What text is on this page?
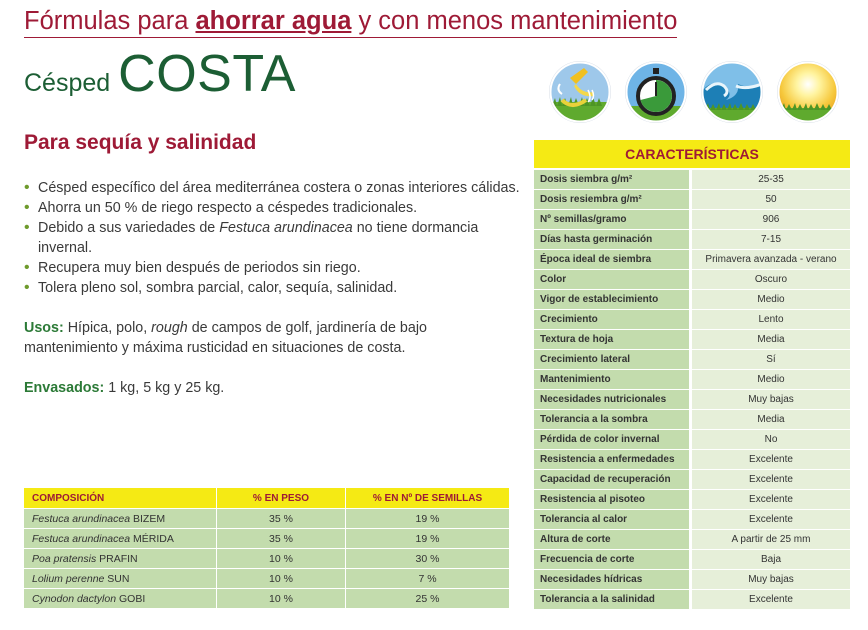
Fórmulas para ahorrar agua y con menos mantenimiento
Césped COSTA
Para sequía y salinidad
• Césped específico del área mediterránea costera o zonas interiores cálidas.
• Ahorra un 50 % de riego respecto a céspedes tradicionales.
• Debido a sus variedades de Festuca arundinacea no tiene dormancia invernal.
• Recupera muy bien después de periodos sin riego.
• Tolera pleno sol, sombra parcial, calor, sequía, salinidad.

Usos: Hípica, polo, rough de campos de golf, jardinería de bajo mantenimiento y máxima rusticidad en situaciones de costa.

Envasados: 1 kg, 5 kg y 25 kg.

COMPOSICIÓN	% EN PESO	% EN Nº DE SEMILLAS
Festuca arundinacea BIZEM	35 %	19 %
Festuca arundinacea MÉRIDA	35 %	19 %
Poa pratensis PRAFIN	10 %	30 %
Lolium perenne SUN	10 %	7 %
Cynodon dactylon GOBI	10 %	25 %
CARACTERÍSTICAS
Dosis siembra g/m²	25-35
Dosis resiembra g/m²	50
Nº semillas/gramo	906
Días hasta germinación	7-15
Época ideal de siembra	Primavera avanzada - verano
Color	Oscuro
Vigor de establecimiento	Medio
Crecimiento	Lento
Textura de hoja	Media
Crecimiento lateral	Sí
Mantenimiento	Medio
Necesidades nutricionales	Muy bajas
Tolerancia a la sombra	Media
Pérdida de color invernal	No
Resistencia a enfermedades	Excelente
Capacidad de recuperación	Excelente
Resistencia al pisoteo	Excelente
Tolerancia al calor	Excelente
Altura de corte	A partir de 25 mm
Frecuencia de corte	Baja
Necesidades hídricas	Muy bajas
Tolerancia a la salinidad	Excelente
